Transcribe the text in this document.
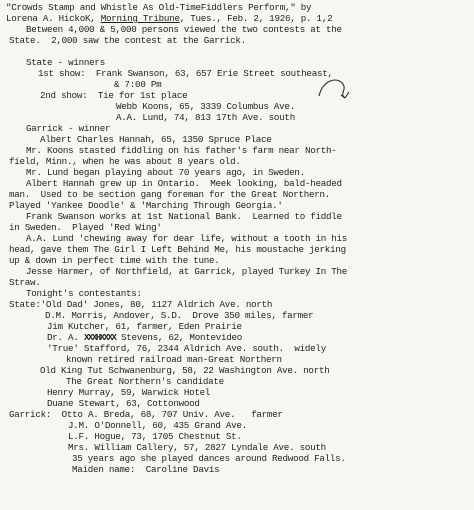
"Crowds Stamp and Whistle As Old-TimeFiddlers Perform," by
Lorena A. HickoK, Morning Tribune, Tues., Feb. 2, 1926, p. 1,2
Between 4,000 & 5,000 persons viewed the two contests at the
State.  2,000 saw the contest at the Garrick.
State - winners
1st show:  Frank Swanson, 63, 657 Erie Street southeast,
& 7:00 Pm
2nd show:  Tie for 1st place
Webb Koons, 65, 3339 Columbus Ave.
A.A. Lund, 74, 813 17th Ave. south
Garrick - winner
Albert Charles Hannah, 65, 1350 Spruce Place
Mr. Koons stasted fiddling on his father's farm near North-
field, Minn., when he was about 8 years old.
Mr. Lund began playing about 70 years ago, in Sweden.
Albert Hannah grew up in Ontario.  Meek looking, bald-headed
man.  Used to be section gang foreman for the Great Northern.
Played 'Yankee Doodle' & 'Marching Through Georgia.'
Frank Swanson works at 1st National Bank.  Learned to fiddle
in Sweden.  Played 'Red Wing'
A.A. Lund 'chewing away for dear life, without a tooth in his
head, gave them The Girl I Left Behind Me, his moustache jerking
up & down in perfect time with the tune.
Jesse Harmer, of Northfield, at Garrick, played Turkey In The
Straw.
Tonight's contestants:
State:'Old Dad' Jones, 80, 1127 Aldrich Ave. north
D.M. Morris, Andover, S.D.  Drove 350 miles, farmer
Jim Kutcher, 61, farmer, Eden Prairie
Dr. A. XXXHXXXX Stevens, 62, Montevideo
'True' Stafford, 76, 2344 Aldrich Ave. south.  widely
known retired railroad man-Great Northern
Old King Tut Schwanenburg, 58, 22 Washington Ave. north
The Great Northern's candidate
Henry Murray, 59, Warwick Hotel
Duane Stewart, 63, Cottonwood
Garrick:  Otto A. Breda, 68, 707 Univ. Ave.   farmer
J.M. O'Donnell, 60, 435 Grand Ave.
L.F. Hogue, 73, 1705 Chestnut St.
Mrs. William Callery, 57, 2827 Lyndale Ave. south
35 years ago she played dances around Redwood Falls.
Maiden name:  Caroline Davis
